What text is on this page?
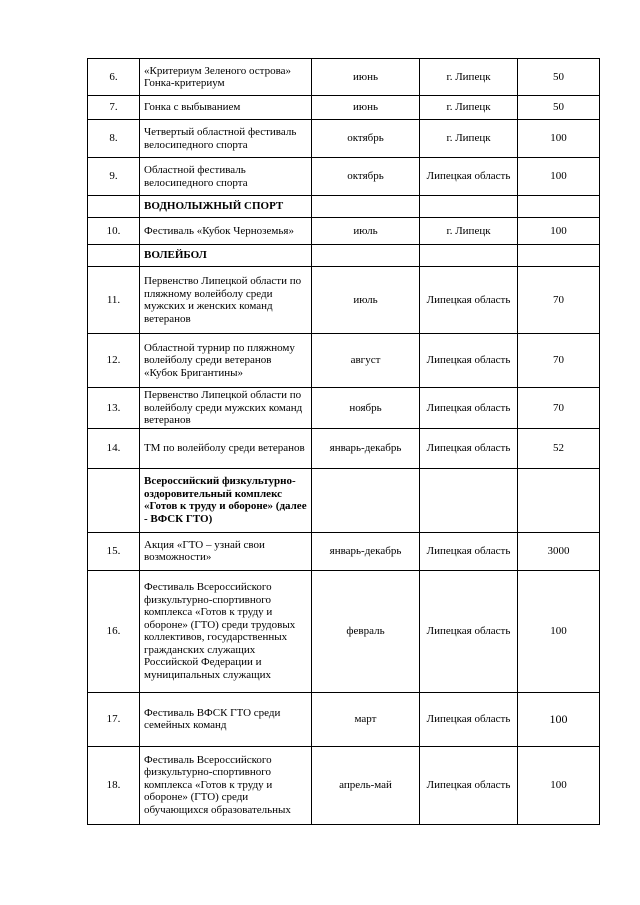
6.	«Критериум Зеленого острова» Гонка-критериум	июнь	г. Липецк	50
7.	Гонка с выбыванием	июнь	г. Липецк	50
8.	Четвертый областной фестиваль велосипедного спорта	октябрь	г. Липецк	100
9.	Областной фестиваль велосипедного спорта	октябрь	Липецкая область	100
	ВОДНОЛЫЖНЫЙ СПОРТ			
10.	Фестиваль «Кубок Черноземья»	июль	г. Липецк	100
	ВОЛЕЙБОЛ			
11.	Первенство Липецкой области по пляжному волейболу среди мужских и женских команд ветеранов	июль	Липецкая область	70
12.	Областной турнир по пляжному волейболу среди ветеранов «Кубок Бригантины»	август	Липецкая область	70
13.	Первенство Липецкой области по волейболу среди мужских команд ветеранов	ноябрь	Липецкая область	70
14.	ТМ по волейболу среди ветеранов	январь-декабрь	Липецкая область	52
	Всероссийский физкультурно-оздоровительный комплекс «Готов к труду и обороне» (далее - ВФСК ГТО)			
15.	Акция «ГТО – узнай свои возможности»	январь-декабрь	Липецкая область	3000
16.	Фестиваль Всероссийского физкультурно-спортивного комплекса «Готов к труду и обороне» (ГТО) среди трудовых коллективов, государственных гражданских служащих Российской Федерации и муниципальных служащих	февраль	Липецкая область	100
17.	Фестиваль ВФСК ГТО среди семейных команд	март	Липецкая область	100
18.	Фестиваль Всероссийского физкультурно-спортивного комплекса «Готов к труду и обороне» (ГТО) среди обучающихся образовательных	апрель-май	Липецкая область	100
